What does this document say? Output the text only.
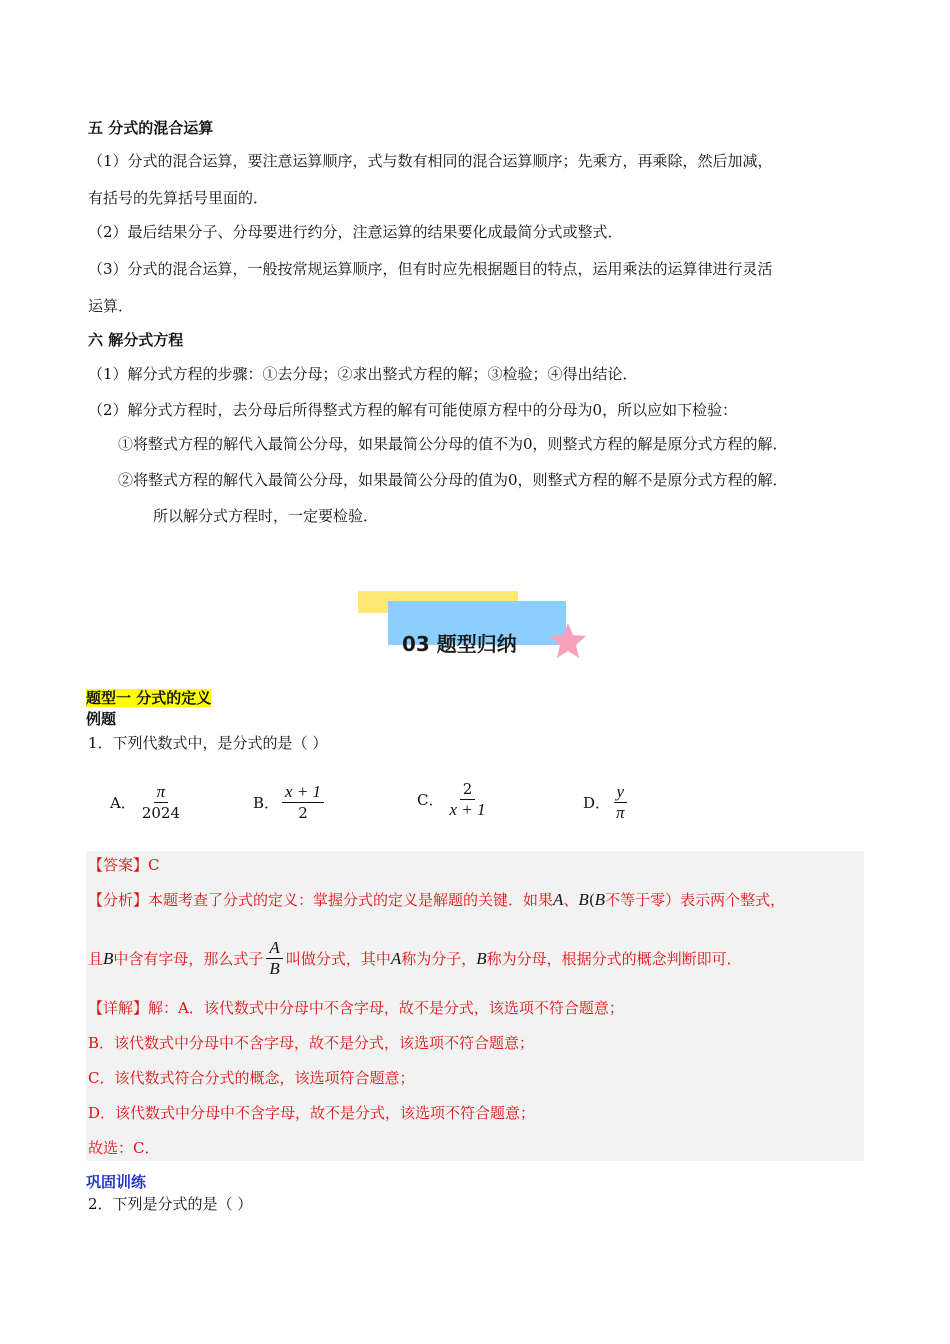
五 分式的混合运算
（1）分式的混合运算，要注意运算顺序，式与数有相同的混合运算顺序；先乘方，再乘除，然后加减，
有括号的先算括号里面的．
（2）最后结果分子、分母要进行约分，注意运算的结果要化成最简分式或整式．
（3）分式的混合运算，一般按常规运算顺序，但有时应先根据题目的特点，运用乘法的运算律进行灵活
运算．
六 解分式方程
（1）解分式方程的步骤：①去分母；②求出整式方程的解；③检验；④得出结论．
（2）解分式方程时，去分母后所得整式方程的解有可能使原方程中的分母为0，所以应如下检验：
①将整式方程的解代入最简公分母，如果最简公分母的值不为0，则整式方程的解是原分式方程的解．
②将整式方程的解代入最简公分母，如果最简公分母的值为0，则整式方程的解不是原分式方程的解．
所以解分式方程时，一定要检验．
03 题型归纳
题型一 分式的定义
例题
1．下列代数式中，是分式的是（ ）
A． $\frac{\pi}{2024}$	B． $\frac{x + 1}{2}$	C． $\frac{2}{x + 1}$	D． $\frac{y}{\pi}$
【答案】C
【分析】本题考查了分式的定义：掌握分式的定义是解题的关键．如果A、B(B不等于零）表示两个整式，
且 B 中含有字母，那么式子 $\frac{A}{B}$ 叫做分式，其中 A 称为分子， B 称为分母，根据分式的概念判断即可．
【详解】解：A．该代数式中分母中不含字母，故不是分式，该选项不符合题意；
B．该代数式中分母中不含字母，故不是分式，该选项不符合题意；
C．该代数式符合分式的概念，该选项符合题意；
D．该代数式中分母中不含字母，故不是分式，该选项不符合题意；
故选：C．
巩固训练
2．下列是分式的是（ ）
